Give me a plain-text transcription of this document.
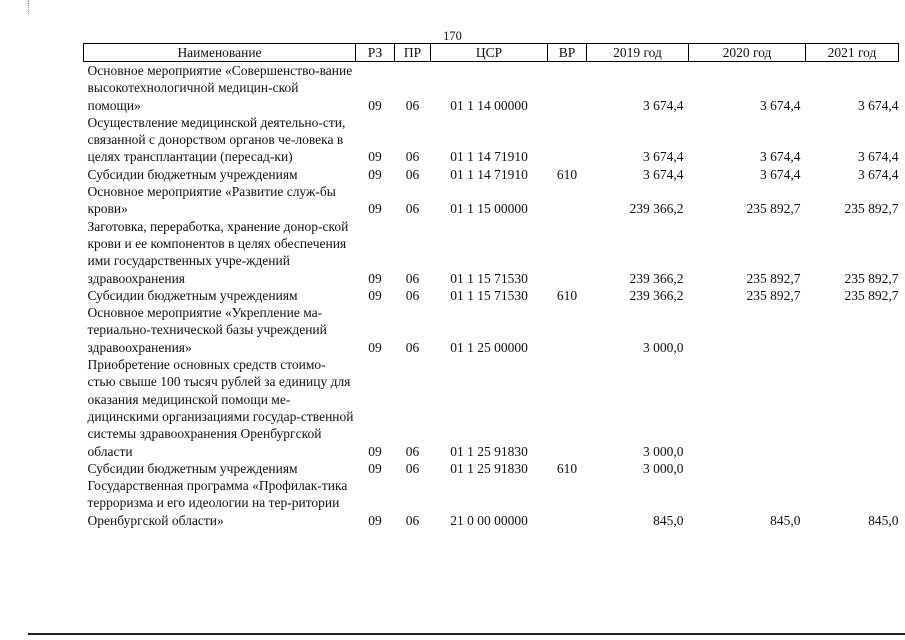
170
Наименование	РЗ	ПР	ЦСР	ВР	2019 год	2020 год	2021 год
Основное мероприятие «Совершенство-вание высокотехнологичной медицин-ской помощи»	09	06	01 1 14 00000		3 674,4	3 674,4	3 674,4
Осуществление медицинской деятельно-сти, связанной с донорством органов че-ловека в целях трансплантации (пересад-ки)	09	06	01 1 14 71910		3 674,4	3 674,4	3 674,4
Субсидии бюджетным учреждениям	09	06	01 1 14 71910	610	3 674,4	3 674,4	3 674,4
Основное мероприятие «Развитие служ-бы крови»	09	06	01 1 15 00000		239 366,2	235 892,7	235 892,7
Заготовка, переработка, хранение донор-ской крови и ее компонентов в целях обеспечения ими государственных учре-ждений здравоохранения	09	06	01 1 15 71530		239 366,2	235 892,7	235 892,7
Субсидии бюджетным учреждениям	09	06	01 1 15 71530	610	239 366,2	235 892,7	235 892,7
Основное мероприятие «Укрепление ма-териально-технической базы учреждений здравоохранения»	09	06	01 1 25 00000		3 000,0		
Приобретение основных средств стоимо-стью свыше 100 тысяч рублей за единицу для оказания медицинской помощи ме-дицинскими организациями государ-ственной системы здравоохранения Оренбургской области	09	06	01 1 25 91830		3 000,0		
Субсидии бюджетным учреждениям	09	06	01 1 25 91830	610	3 000,0		
Государственная программа «Профилак-тика терроризма и его идеологии на тер-ритории Оренбургской области»	09	06	21 0 00 00000		845,0	845,0	845,0
